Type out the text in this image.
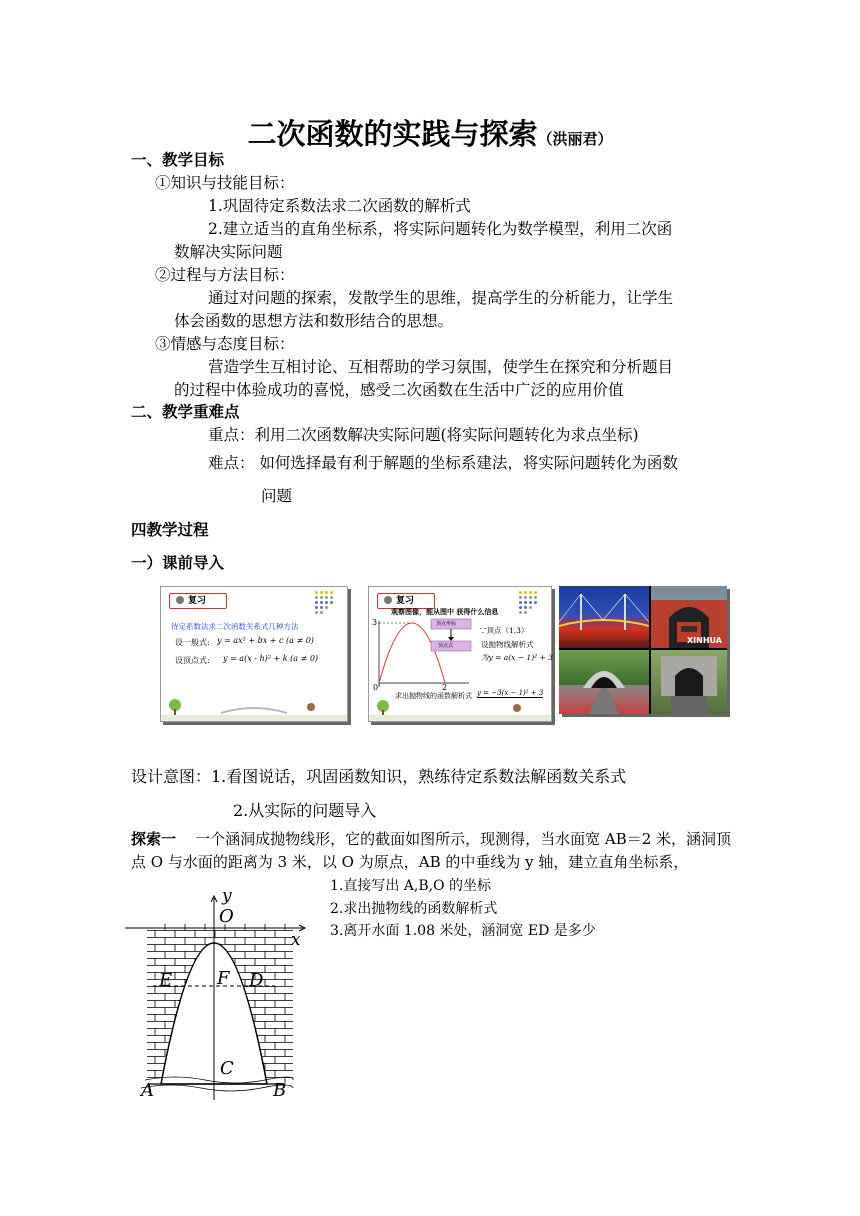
二次函数的实践与探索（洪丽君）
一、教学目标
①知识与技能目标：
1.巩固待定系数法求二次函数的解析式
2.建立适当的直角坐标系，将实际问题转化为数学模型，利用二次函
数解决实际问题
②过程与方法目标：
通过对问题的探索，发散学生的思维，提高学生的分析能力，让学生
体会函数的思想方法和数形结合的思想。
③情感与态度目标：
营造学生互相讨论、互相帮助的学习氛围，使学生在探究和分析题目
的过程中体验成功的喜悦，感受二次函数在生活中广泛的应用价值
二、教学重难点
重点：利用二次函数解决实际问题(将实际问题转化为求点坐标)
难点： 如何选择最有利于解题的坐标系建法，将实际问题转化为函数
问题
四教学过程
一）课前导入
复习
待定系数法求二次函数关系式几种方法
设一般式: y = ax² + bx + c (a ≠ 0)
设顶点式: y = a(x - h)² + k (a ≠ 0)
复习
观察图像，能从图中 获得什么信息
顶点坐标
顶点式
3
0	2
∵顶点（1,3）
设抛物线解析式
为y = a(x − 1)² + 3
求出抛物线的函数解析式 y = −3(x − 1)² + 3
XINHUA
设计意图：1.看图说话，巩固函数知识，熟练待定系数法解函数关系式
2.从实际的问题导入
探索一 一个涵洞成抛物线形，它的截面如图所示，现测得，当水面宽 AB＝2 米，涵洞顶
点 O 与水面的距离为 3 米，以 O 为原点，AB 的中垂线为 y 轴，建立直角坐标系，
1.直接写出 A,B,O 的坐标
2.求出抛物线的函数解析式
3.离开水面 1.08 米处，涵洞宽 ED 是多少
y
x
O
E F D
C
A	B
